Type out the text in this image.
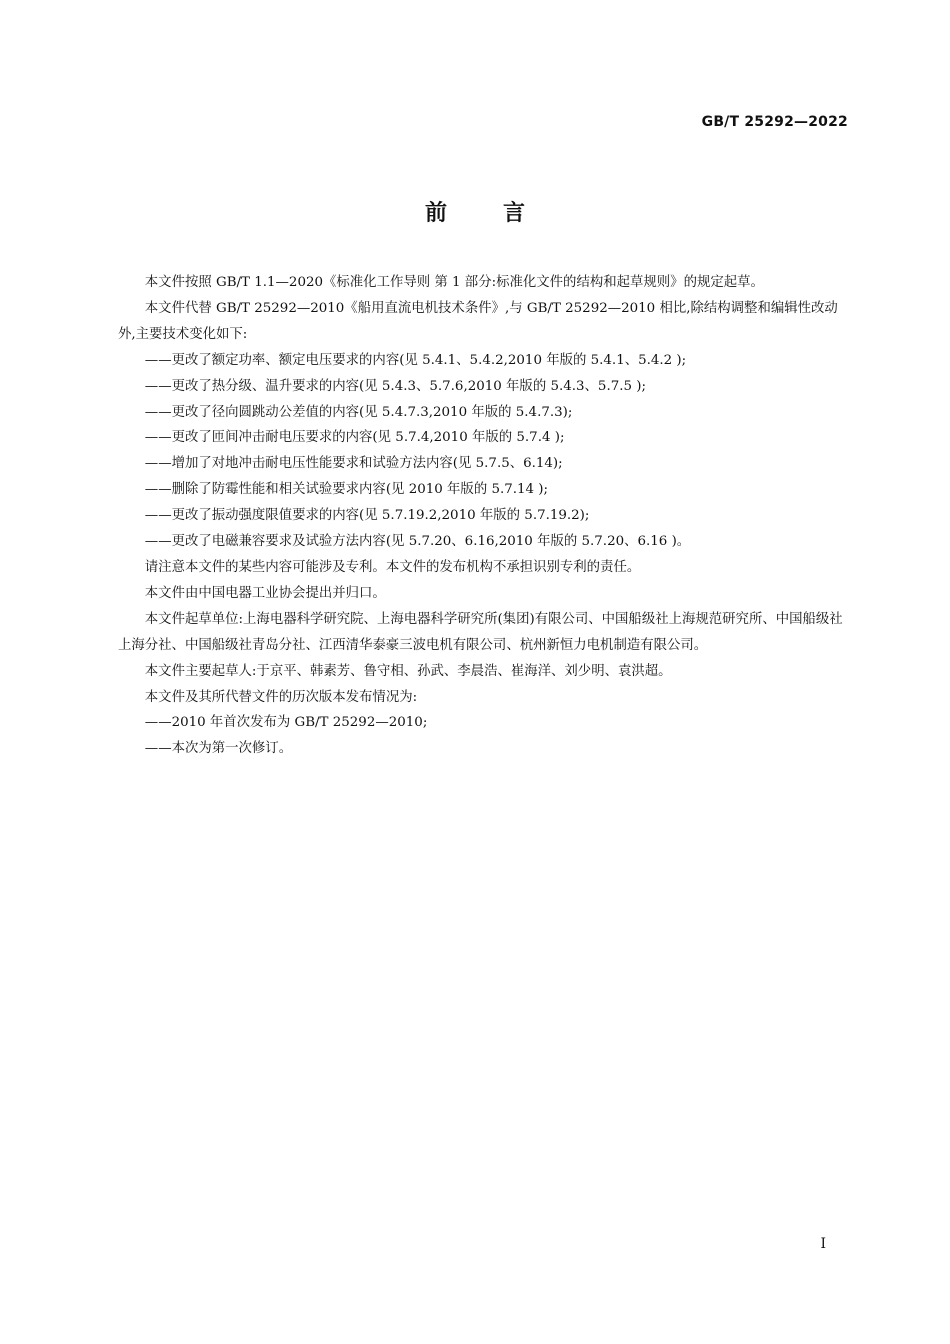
GB/T 25292—2022
前言

本文件按照 GB/T 1.1—2020《标准化工作导则 第 1 部分:标准化文件的结构和起草规则》的规定起草。

本文件代替 GB/T 25292—2010《船用直流电机技术条件》,与 GB/T 25292—2010 相比,除结构调整和编辑性改动外,主要技术变化如下:

——更改了额定功率、额定电压要求的内容(见 5.4.1、5.4.2,2010 年版的 5.4.1、5.4.2 );

——更改了热分级、温升要求的内容(见 5.4.3、5.7.6,2010 年版的 5.4.3、5.7.5 );

——更改了径向圆跳动公差值的内容(见 5.4.7.3,2010 年版的 5.4.7.3);

——更改了匝间冲击耐电压要求的内容(见 5.7.4,2010 年版的 5.7.4 );

——增加了对地冲击耐电压性能要求和试验方法内容(见 5.7.5、6.14);

——删除了防霉性能和相关试验要求内容(见 2010 年版的 5.7.14 );

——更改了振动强度限值要求的内容(见 5.7.19.2,2010 年版的 5.7.19.2);

——更改了电磁兼容要求及试验方法内容(见 5.7.20、6.16,2010 年版的 5.7.20、6.16 )。

请注意本文件的某些内容可能涉及专利。本文件的发布机构不承担识别专利的责任。

本文件由中国电器工业协会提出并归口。

本文件起草单位:上海电器科学研究院、上海电器科学研究所(集团)有限公司、中国船级社上海规范研究所、中国船级社上海分社、中国船级社青岛分社、江西清华泰豪三波电机有限公司、杭州新恒力电机制造有限公司。

本文件主要起草人:于京平、韩素芳、鲁守相、孙武、李晨浩、崔海洋、刘少明、袁洪超。

本文件及其所代替文件的历次版本发布情况为:

——2010 年首次发布为 GB/T 25292—2010;

——本次为第一次修订。

I
